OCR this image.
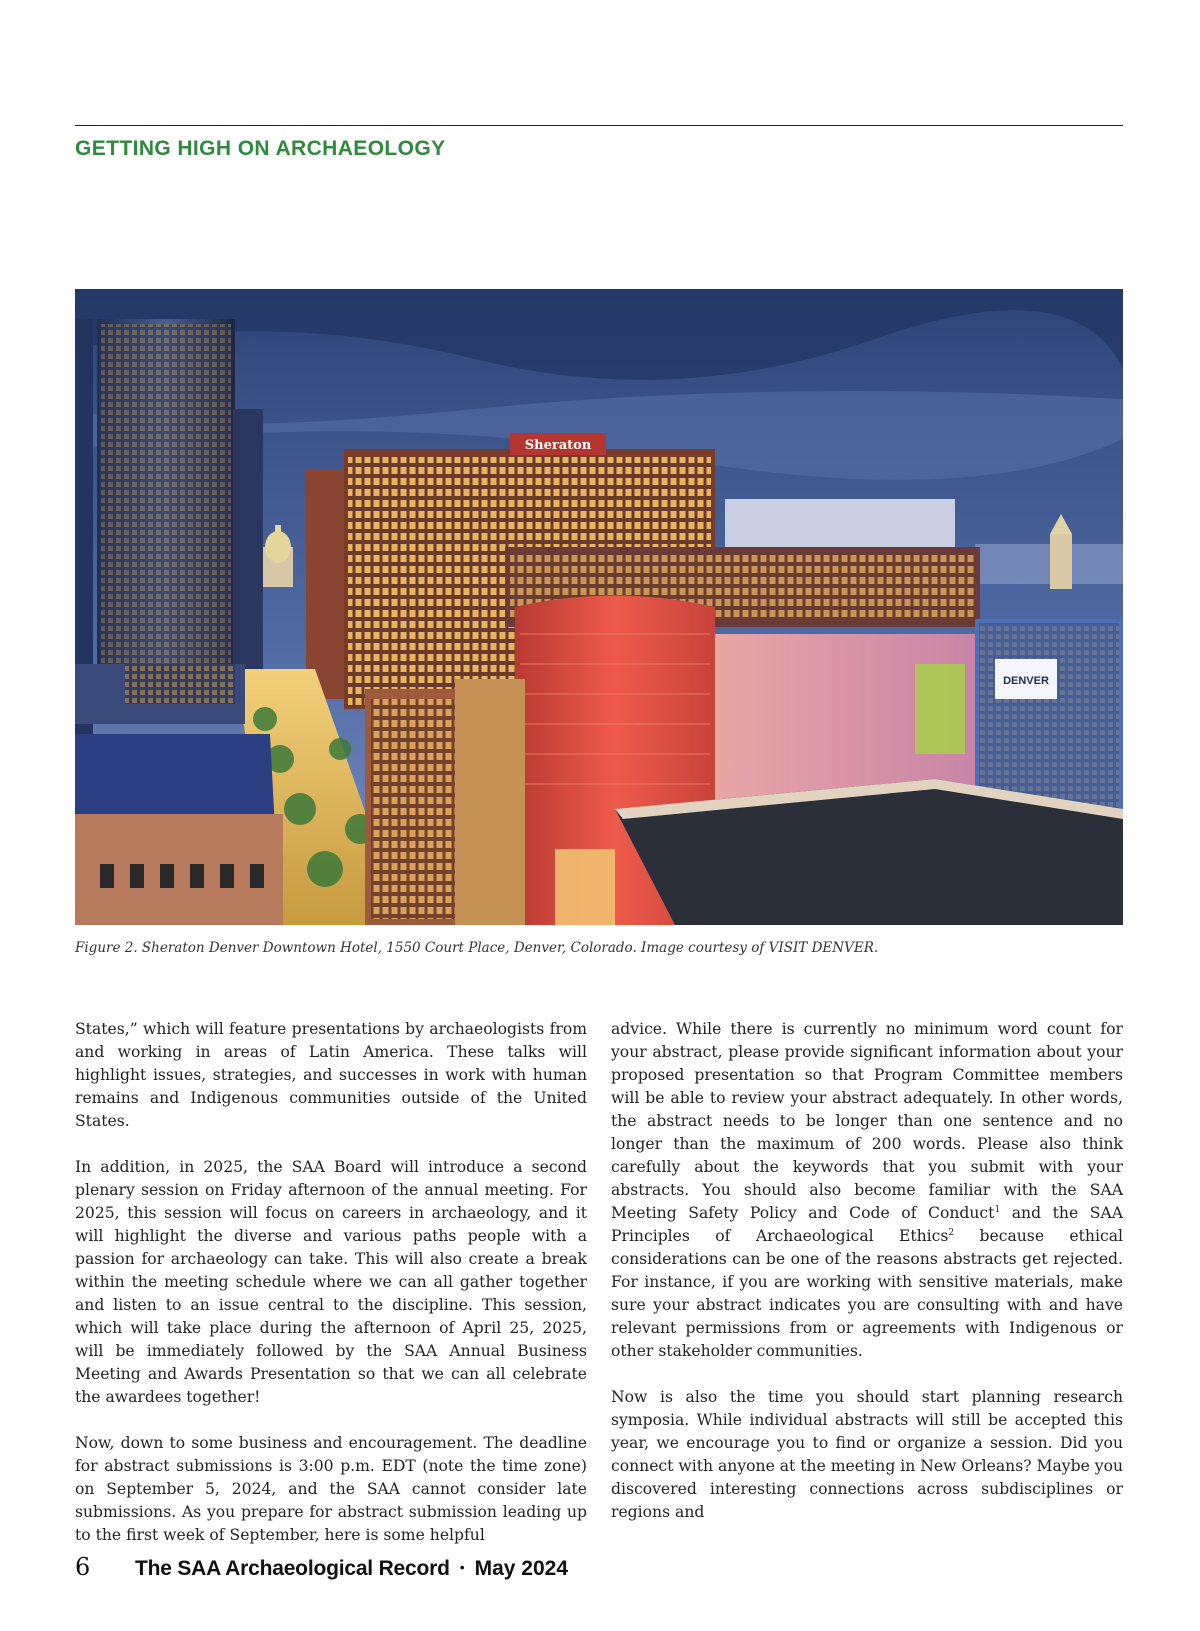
GETTING HIGH ON ARCHAEOLOGY
Sheraton
DENVER

Figure 2. Sheraton Denver Downtown Hotel, 1550 Court Place, Denver, Colorado. Image courtesy of VISIT DENVER.

States,” which will feature presentations by archaeologists from and working in areas of Latin America. These talks will highlight issues, strategies, and successes in work with human remains and Indigenous communities outside of the United States.

In addition, in 2025, the SAA Board will introduce a second plenary session on Friday afternoon of the annual meeting. For 2025, this session will focus on careers in archaeology, and it will highlight the diverse and various paths people with a passion for archaeology can take. This will also create a break within the meeting schedule where we can all gather together and listen to an issue central to the discipline. This session, which will take place during the afternoon of April 25, 2025, will be immediately followed by the SAA Annual Business Meeting and Awards Presentation so that we can all celebrate the awardees together!

Now, down to some business and encouragement. The deadline for abstract submissions is 3:00 p.m. EDT (note the time zone) on September 5, 2024, and the SAA cannot consider late submissions. As you prepare for abstract submission leading up to the first week of September, here is some helpful

advice. While there is currently no minimum word count for your abstract, please provide significant information about your proposed presentation so that Program Committee members will be able to review your abstract adequately. In other words, the abstract needs to be longer than one sentence and no longer than the maximum of 200 words. Please also think carefully about the keywords that you submit with your abstracts. You should also become familiar with the SAA Meeting Safety Policy and Code of Conduct$^1$ and the SAA Principles of Archaeological Ethics$^2$ because ethical considerations can be one of the reasons abstracts get rejected. For instance, if you are working with sensitive materials, make sure your abstract indicates you are consulting with and have relevant permissions from or agreements with Indigenous or other stakeholder communities.

Now is also the time you should start planning research symposia. While individual abstracts will still be accepted this year, we encourage you to find or organize a session. Did you connect with anyone at the meeting in New Orleans? Maybe you discovered interesting connections across subdisciplines or regions and

6	The SAA Archaeological Record • May 2024
